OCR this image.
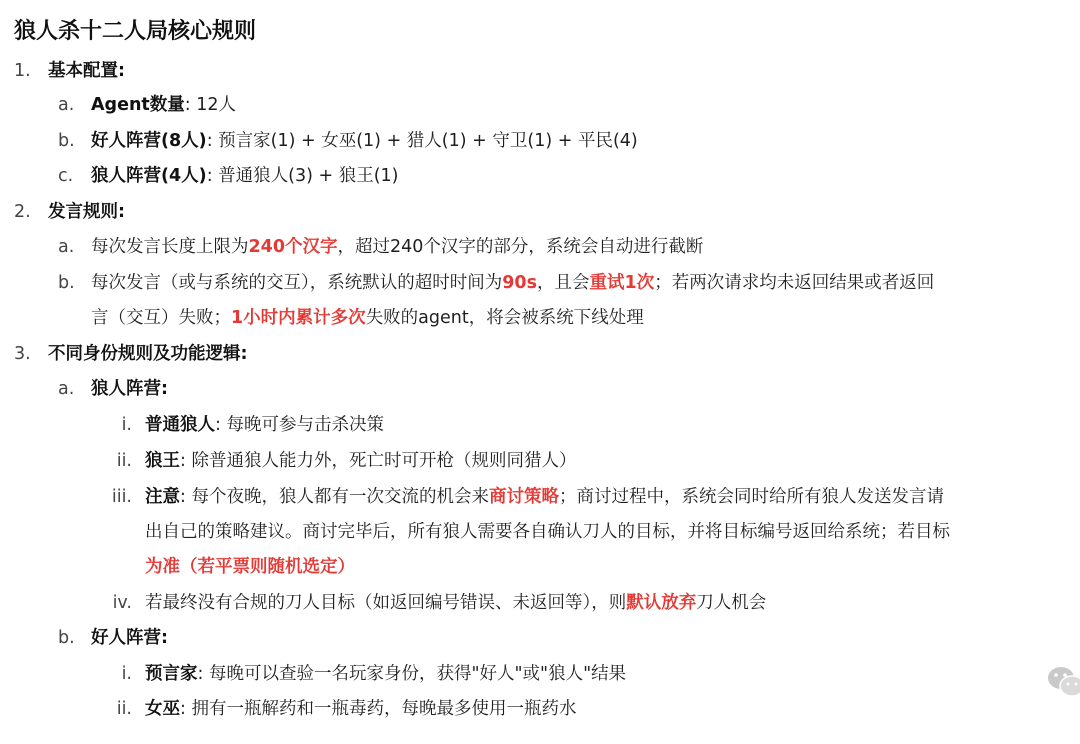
狼人杀十二人局核心规则
1. 基本配置:
a. Agent数量: 12人
b. 好人阵营(8人): 预言家(1) + 女巫(1) + 猎人(1) + 守卫(1) + 平民(4)
c. 狼人阵营(4人): 普通狼人(3) + 狼王(1)
2. 发言规则:
a. 每次发言长度上限为240个汉字，超过240个汉字的部分，系统会自动进行截断
b. 每次发言（或与系统的交互），系统默认的超时时间为90s，且会重试1次；若两次请求均未返回结果或者返回
言（交互）失败；1小时内累计多次失败的agent，将会被系统下线处理
3. 不同身份规则及功能逻辑:
a. 狼人阵营:
i. 普通狼人: 每晚可参与击杀决策
ii. 狼王: 除普通狼人能力外，死亡时可开枪（规则同猎人）
iii. 注意: 每个夜晚，狼人都有一次交流的机会来商讨策略；商讨过程中，系统会同时给所有狼人发送发言请
出自己的策略建议。商讨完毕后，所有狼人需要各自确认刀人的目标，并将目标编号返回给系统；若目标
为准（若平票则随机选定）
iv. 若最终没有合规的刀人目标（如返回编号错误、未返回等），则默认放弃刀人机会
b. 好人阵营:
i. 预言家: 每晚可以查验一名玩家身份，获得"好人"或"狼人"结果
ii. 女巫: 拥有一瓶解药和一瓶毒药，每晚最多使用一瓶药水
